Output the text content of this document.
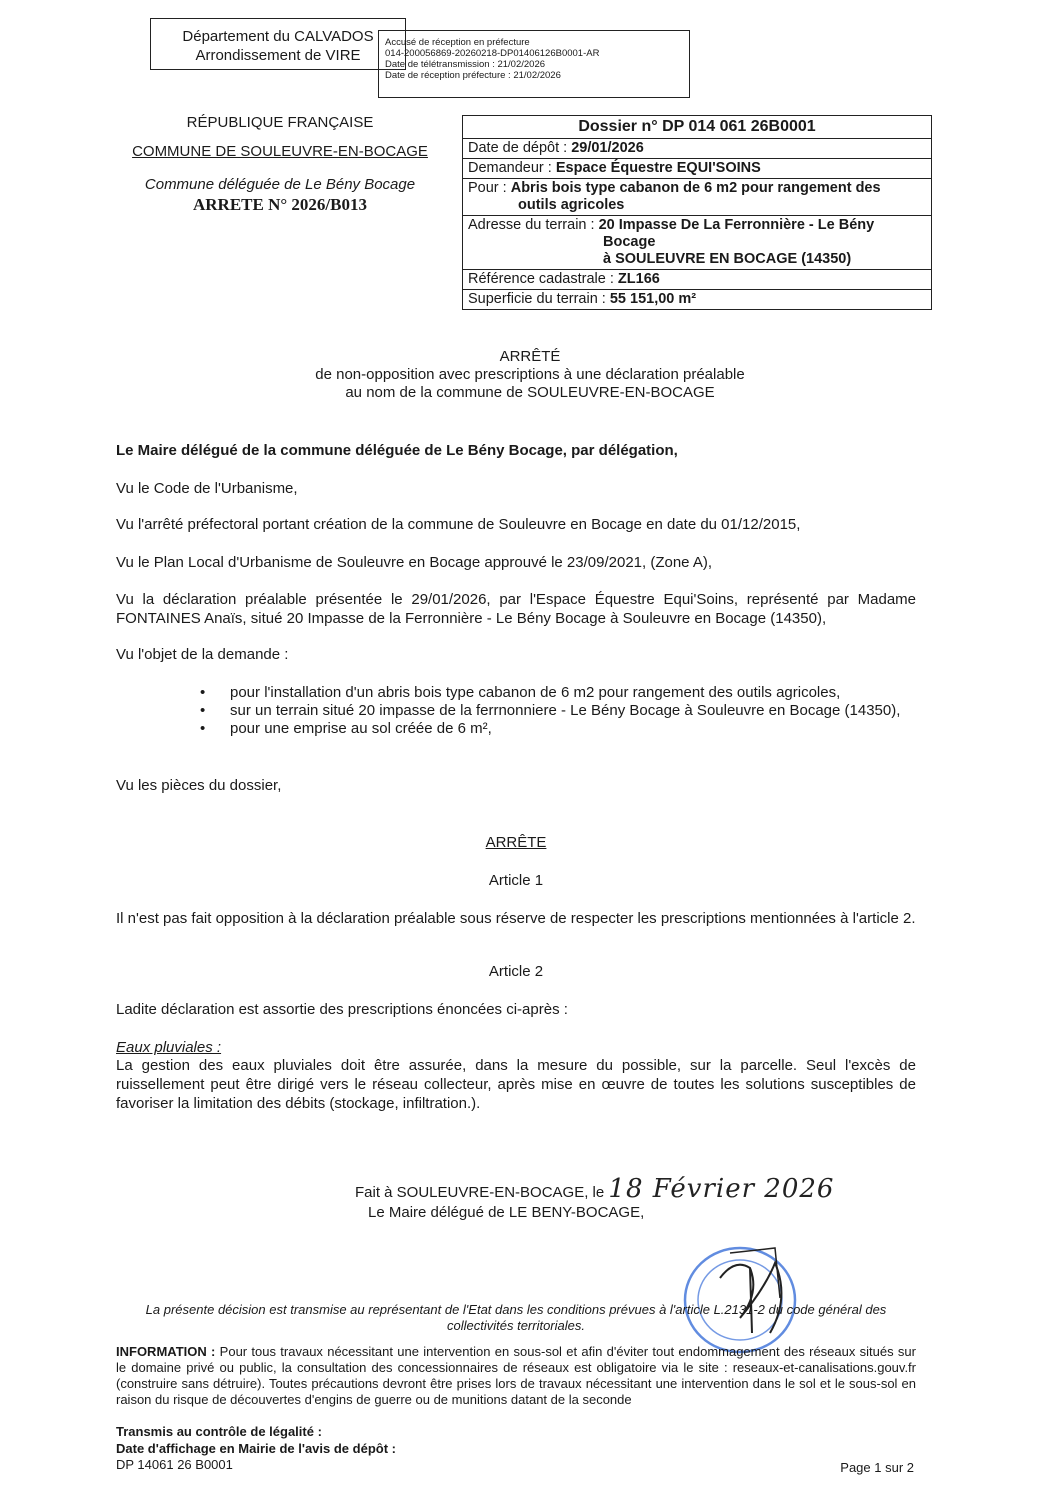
Département du CALVADOS
Arrondissement de VIRE
Accusé de réception en préfecture
014-200056869-20260218-DP01406126B0001-AR
Date de télétransmission : 21/02/2026
Date de réception préfecture : 21/02/2026
RÉPUBLIQUE FRANÇAISE
COMMUNE DE SOULEUVRE-EN-BOCAGE
Commune déléguée de Le Bény Bocage
ARRETE N° 2026/B013
Dossier n° DP 014 061 26B0001
Date de dépôt : 29/01/2026
Demandeur : Espace Équestre EQUI'SOINS
Pour : Abris bois type cabanon de 6 m2 pour rangement des
outils agricoles
Adresse du terrain : 20 Impasse De La Ferronnière - Le Bény
Bocage
à SOULEUVRE EN BOCAGE (14350)
Référence cadastrale : ZL166
Superficie du terrain : 55 151,00 m²
ARRÊTÉ
de non-opposition avec prescriptions à une déclaration préalable
au nom de la commune de SOULEUVRE-EN-BOCAGE
Le Maire délégué de la commune déléguée de Le Bény Bocage, par délégation,
Vu le Code de l'Urbanisme,
Vu l'arrêté préfectoral portant création de la commune de Souleuvre en Bocage en date du 01/12/2015,
Vu le Plan Local d'Urbanisme de Souleuvre en Bocage approuvé le 23/09/2021, (Zone A),
Vu la déclaration préalable présentée le 29/01/2026, par l'Espace Équestre Equi'Soins, représenté par Madame FONTAINES Anaïs, situé 20 Impasse de la Ferronnière - Le Bény Bocage à Souleuvre en Bocage (14350),
Vu l'objet de la demande :
• pour l'installation d'un abris bois type cabanon de 6 m2 pour rangement des outils agricoles,
• sur un terrain situé 20 impasse de la ferrnonniere - Le Bény Bocage à Souleuvre en Bocage (14350),
• pour une emprise au sol créée de 6 m²,
Vu les pièces du dossier,
ARRÊTE
Article 1
Il n'est pas fait opposition à la déclaration préalable sous réserve de respecter les prescriptions mentionnées à l'article 2.
Article 2
Ladite déclaration est assortie des prescriptions énoncées ci-après :
Eaux pluviales :
La gestion des eaux pluviales doit être assurée, dans la mesure du possible, sur la parcelle. Seul l'excès de ruissellement peut être dirigé vers le réseau collecteur, après mise en œuvre de toutes les solutions susceptibles de favoriser la limitation des débits (stockage, infiltration.).
Fait à SOULEUVRE-EN-BOCAGE, le 18 Février 2026
Le Maire délégué de LE BENY-BOCAGE,
La présente décision est transmise au représentant de l'Etat dans les conditions prévues à l'article L.2131-2 du code général des collectivités territoriales.
INFORMATION : Pour tous travaux nécessitant une intervention en sous-sol et afin d'éviter tout endommagement des réseaux situés sur le domaine privé ou public, la consultation des concessionnaires de réseaux est obligatoire via le site : reseaux-et-canalisations.gouv.fr (construire sans détruire). Toutes précautions devront être prises lors de travaux nécessitant une intervention dans le sol et le sous-sol en raison du risque de découvertes d'engins de guerre ou de munitions datant de la seconde
Transmis au contrôle de légalité :
Date d'affichage en Mairie de l'avis de dépôt :
DP 14061 26 B0001	Page 1 sur 2
